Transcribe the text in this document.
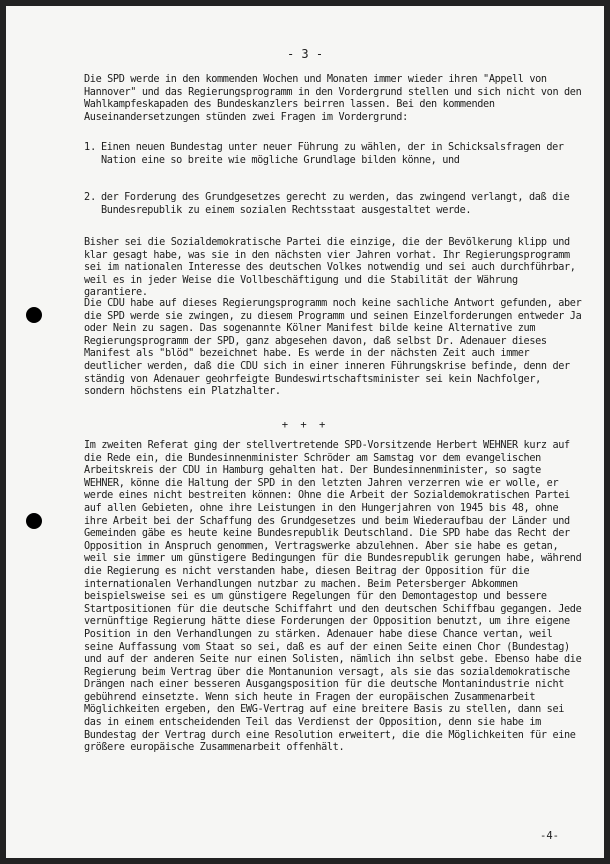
- 3 -

Die SPD werde in den kommenden Wochen und Monaten immer wieder ihren "Appell von Hannover" und das Regierungsprogramm in den Vordergrund stellen und sich nicht von den Wahlkampfeskapaden des Bundeskanzlers beirren lassen. Bei den kommenden Auseinandersetzungen stünden zwei Fragen im Vordergrund:

1. Einen neuen Bundestag unter neuer Führung zu wählen, der in Schicksalsfragen der Nation eine so breite wie mögliche Grundlage bilden könne, und
2. der Forderung des Grundgesetzes gerecht zu werden, das zwingend verlangt, daß die Bundesrepublik zu einem sozialen Rechtsstaat ausgestaltet werde.

Bisher sei die Sozialdemokratische Partei die einzige, die der Bevölkerung klipp und klar gesagt habe, was sie in den nächsten vier Jahren vorhat. Ihr Regierungsprogramm sei im nationalen Interesse des deutschen Volkes notwendig und sei auch durchführbar, weil es in jeder Weise die Vollbeschäftigung und die Stabilität der Währung garantiere.

Die CDU habe auf dieses Regierungsprogramm noch keine sachliche Antwort gefunden, aber die SPD werde sie zwingen, zu diesem Programm und seinen Einzelforderungen entweder Ja oder Nein zu sagen. Das sogenannte Kölner Manifest bilde keine Alternative zum Regierungsprogramm der SPD, ganz abgesehen davon, daß selbst Dr. Adenauer dieses Manifest als "blöd" bezeichnet habe. Es werde in der nächsten Zeit auch immer deutlicher werden, daß die CDU sich in einer inneren Führungskrise befinde, denn der ständig von Adenauer geohrfeigte Bundeswirtschaftsminister sei kein Nachfolger, sondern höchstens ein Platzhalter.

+ + +

Im zweiten Referat ging der stellvertretende SPD-Vorsitzende Herbert WEHNER kurz auf die Rede ein, die Bundesinnenminister Schröder am Samstag vor dem evangelischen Arbeitskreis der CDU in Hamburg gehalten hat. Der Bundesinnenminister, so sagte WEHNER, könne die Haltung der SPD in den letzten Jahren verzerren wie er wolle, er werde eines nicht bestreiten können: Ohne die Arbeit der Sozialdemokratischen Partei auf allen Gebieten, ohne ihre Leistungen in den Hungerjahren von 1945 bis 48, ohne ihre Arbeit bei der Schaffung des Grundgesetzes und beim Wiederaufbau der Länder und Gemeinden gäbe es heute keine Bundesrepublik Deutschland. Die SPD habe das Recht der Opposition in Anspruch genommen, Vertragswerke abzulehnen. Aber sie habe es getan, weil sie immer um günstigere Bedingungen für die Bundesrepublik gerungen habe, während die Regierung es nicht verstanden habe, diesen Beitrag der Opposition für die internationalen Verhandlungen nutzbar zu machen. Beim Petersberger Abkommen beispielsweise sei es um günstigere Regelungen für den Demontagestop und bessere Startpositionen für die deutsche Schiffahrt und den deutschen Schiffbau gegangen. Jede vernünftige Regierung hätte diese Forderungen der Opposition benutzt, um ihre eigene Position in den Verhandlungen zu stärken. Adenauer habe diese Chance vertan, weil seine Auffassung vom Staat so sei, daß es auf der einen Seite einen Chor (Bundestag) und auf der anderen Seite nur einen Solisten, nämlich ihn selbst gebe. Ebenso habe die Regierung beim Vertrag über die Montanunion versagt, als sie das sozialdemokratische Drängen nach einer besseren Ausgangsposition für die deutsche Montanindustrie nicht gebührend einsetzte. Wenn sich heute in Fragen der europäischen Zusammenarbeit Möglichkeiten ergeben, den EWG-Vertrag auf eine breitere Basis zu stellen, dann sei das in einem entscheidenden Teil das Verdienst der Opposition, denn sie habe im Bundestag der Vertrag durch eine Resolution erweitert, die die Möglichkeiten für eine größere europäische Zusammenarbeit offenhält.

-4-
